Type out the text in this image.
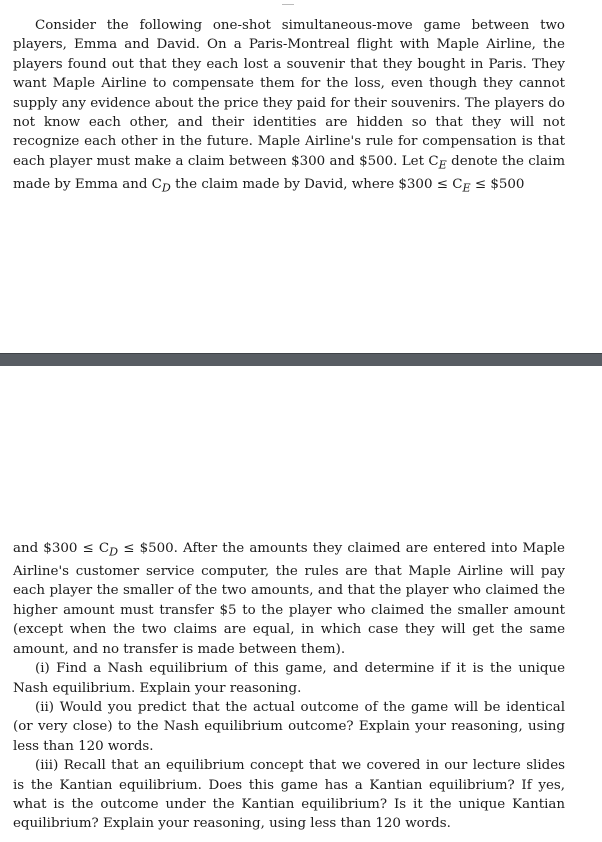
Consider the following one-shot simultaneous-move game between two players, Emma and David. On a Paris-Montreal flight with Maple Airline, the players found out that they each lost a souvenir that they bought in Paris. They want Maple Airline to compensate them for the loss, even though they cannot supply any evidence about the price they paid for their souvenirs. The players do not know each other, and their identities are hidden so that they will not recognize each other in the future. Maple Airline's rule for compensation is that each player must make a claim between $300 and $500. Let $C_E$ denote the claim made by Emma and $C_D$ the claim made by David, where $300 ≤ $C_E$ ≤ $500

and $300 ≤ $C_D$ ≤ $500. After the amounts they claimed are entered into Maple Airline's customer service computer, the rules are that Maple Airline will pay each player the smaller of the two amounts, and that the player who claimed the higher amount must transfer $5 to the player who claimed the smaller amount (except when the two claims are equal, in which case they will get the same amount, and no transfer is made between them).

(i) Find a Nash equilibrium of this game, and determine if it is the unique Nash equilibrium. Explain your reasoning.

(ii) Would you predict that the actual outcome of the game will be identical (or very close) to the Nash equilibrium outcome? Explain your reasoning, using less than 120 words.

(iii) Recall that an equilibrium concept that we covered in our lecture slides is the Kantian equilibrium. Does this game has a Kantian equilibrium? If yes, what is the outcome under the Kantian equilibrium? Is it the unique Kantian equilibrium? Explain your reasoning, using less than 120 words.
